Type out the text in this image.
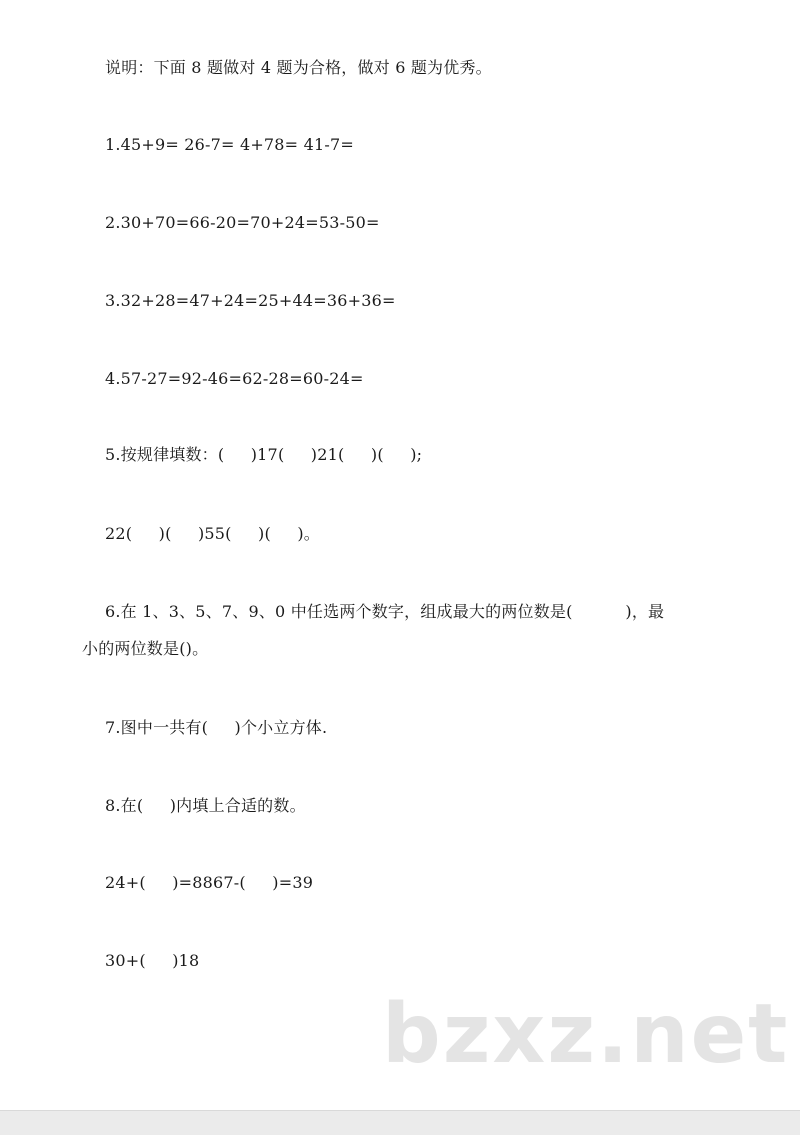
说明：下面 8 题做对 4 题为合格，做对 6 题为优秀。
1.45+9= 26-7= 4+78= 41-7=
2.30+70=66-20=70+24=53-50=
3.32+28=47+24=25+44=36+36=
4.57-27=92-46=62-28=60-24=
5.按规律填数：(     )17(     )21(     )(     );
22(     )(     )55(     )(     )。
6.在 1、3、5、7、9、0 中任选两个数字，组成最大的两位数是(          )，最
小的两位数是()。
7.图中一共有(     )个小立方体.
8.在(     )内填上合适的数。
24+(     )=8867-(     )=39
30+(     )18
bzxz.net
